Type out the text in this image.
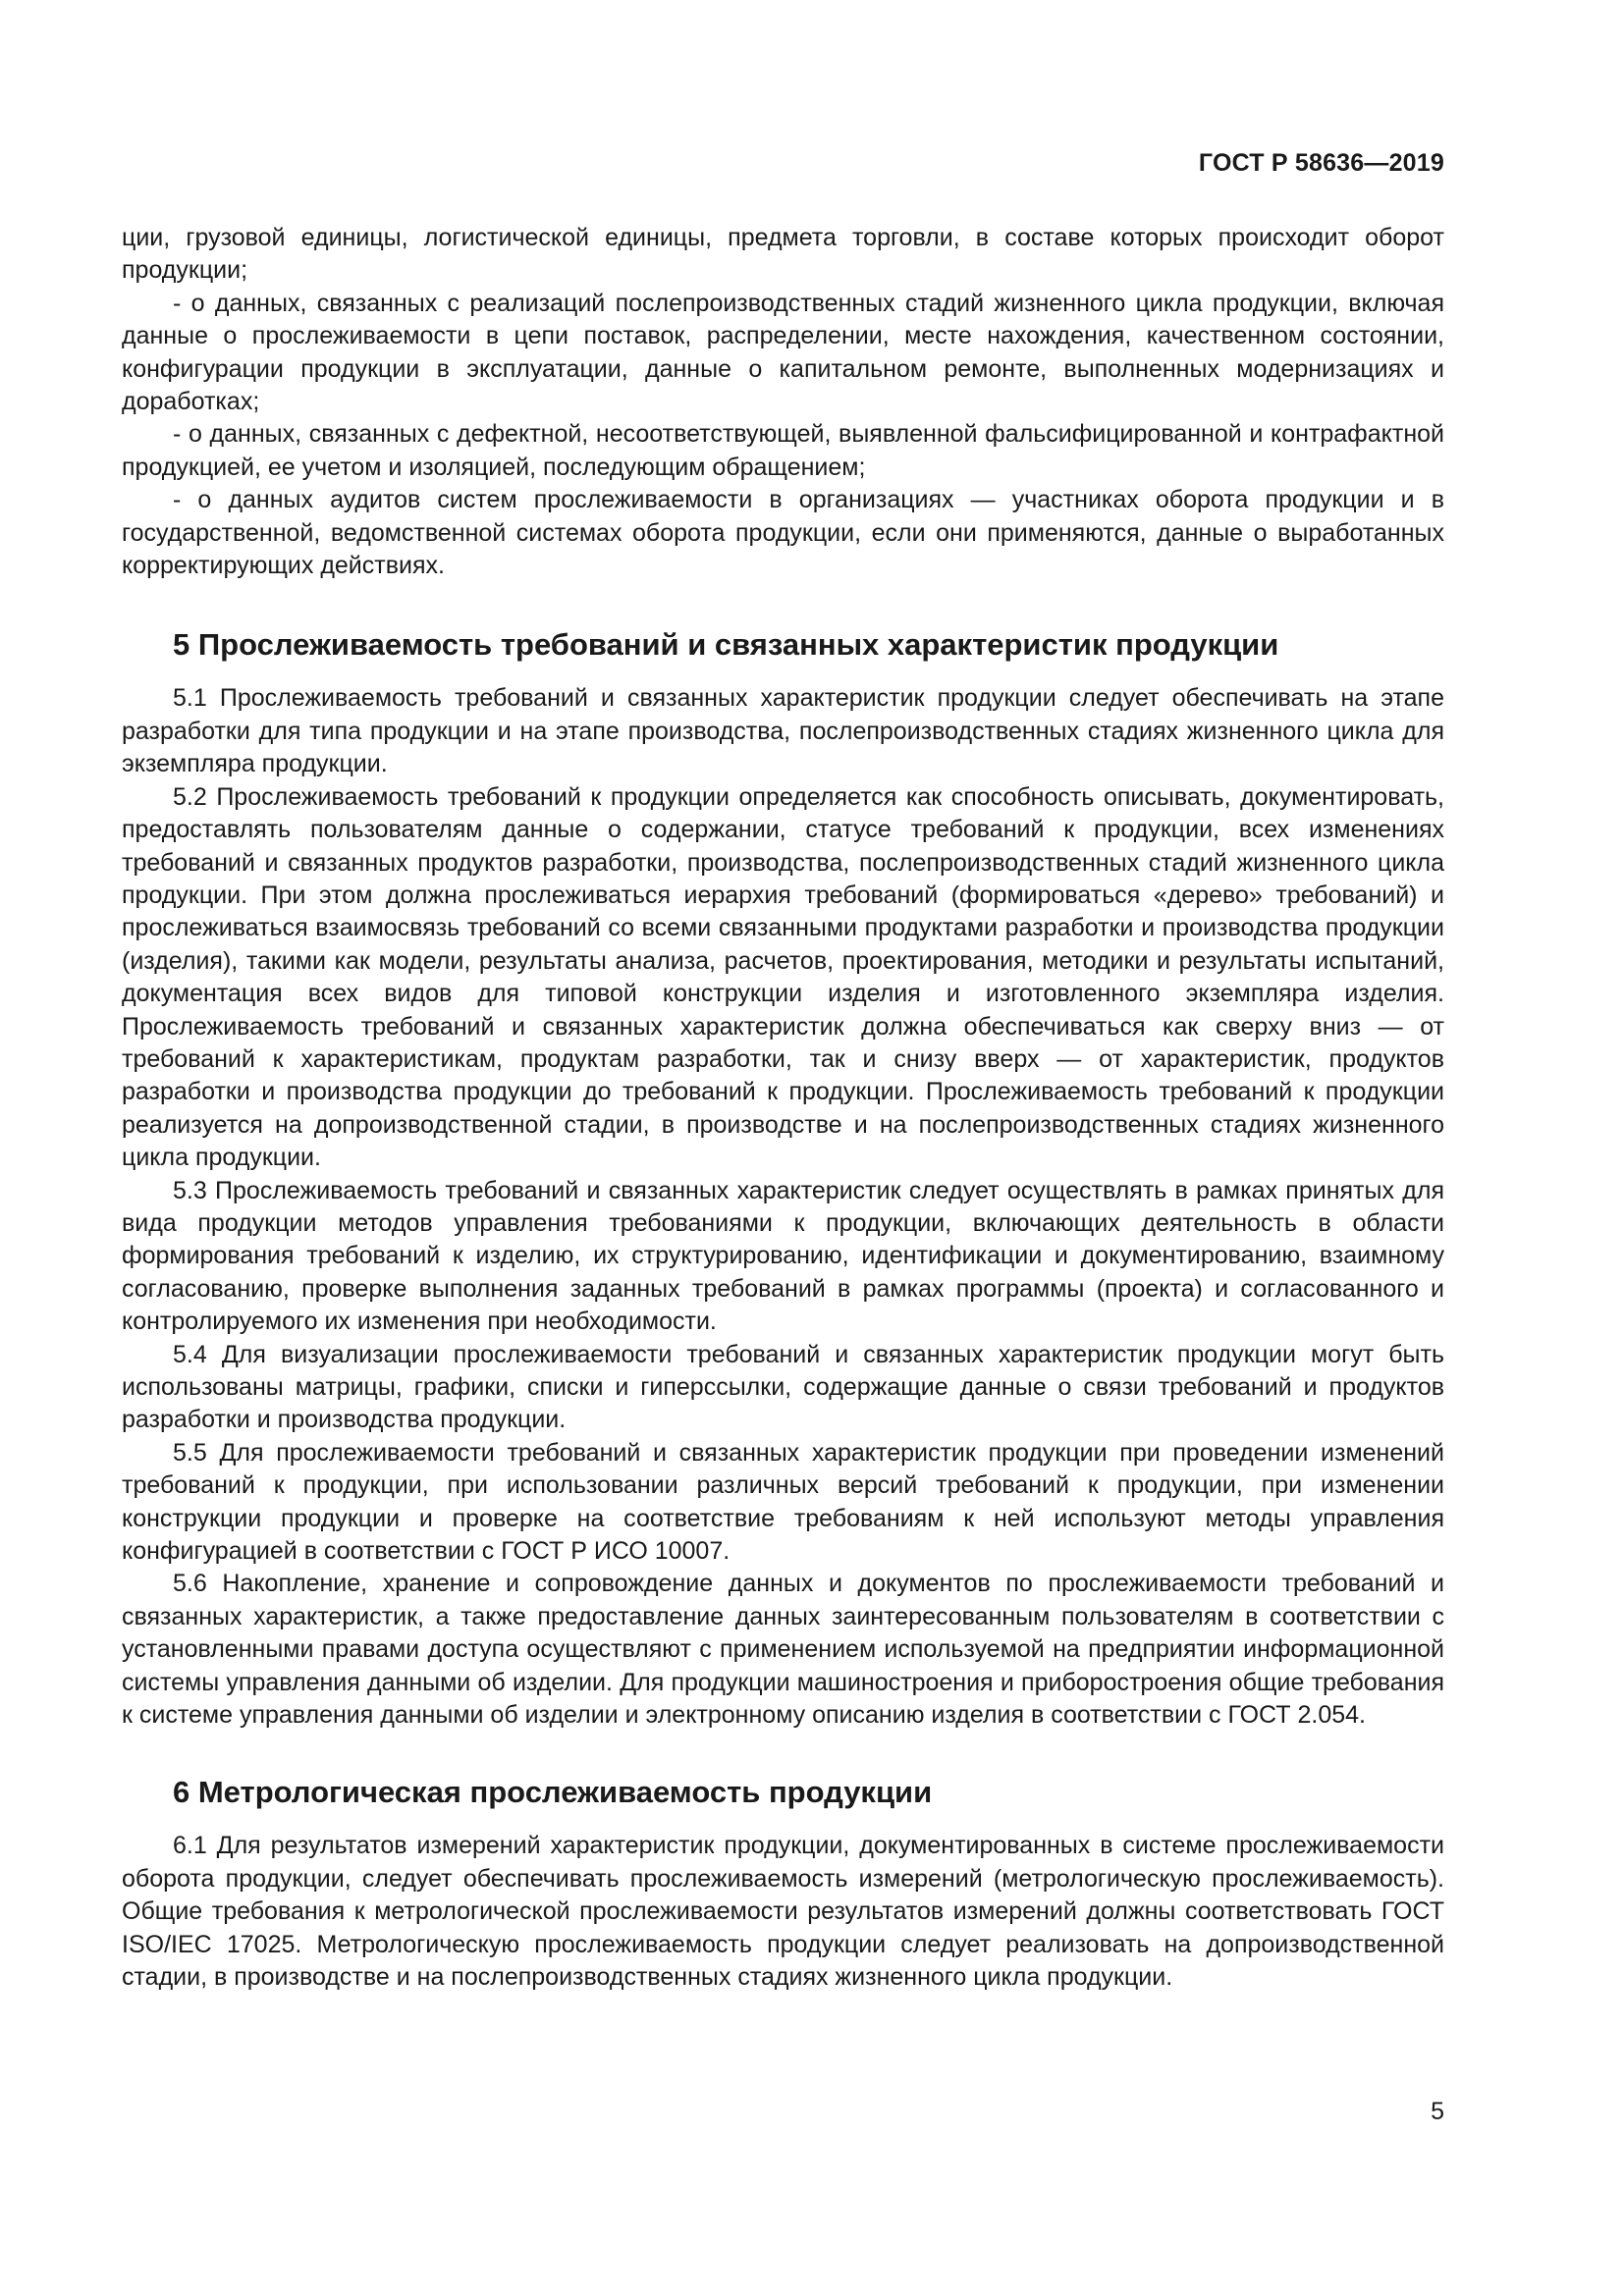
ГОСТ Р 58636—2019

ции, грузовой единицы, логистической единицы, предмета торговли, в составе которых происходит оборот продукции;

- о данных, связанных с реализаций послепроизводственных стадий жизненного цикла продукции, включая данные о прослеживаемости в цепи поставок, распределении, месте нахождения, качественном состоянии, конфигурации продукции в эксплуатации, данные о капитальном ремонте, выполненных модернизациях и доработках;

- о данных, связанных с дефектной, несоответствующей, выявленной фальсифицированной и контрафактной продукцией, ее учетом и изоляцией, последующим обращением;

- о данных аудитов систем прослеживаемости в организациях — участниках оборота продукции и в государственной, ведомственной системах оборота продукции, если они применяются, данные о выработанных корректирующих действиях.

5 Прослеживаемость требований и связанных характеристик продукции

5.1 Прослеживаемость требований и связанных характеристик продукции следует обеспечивать на этапе разработки для типа продукции и на этапе производства, послепроизводственных стадиях жизненного цикла для экземпляра продукции.

5.2 Прослеживаемость требований к продукции определяется как способность описывать, документировать, предоставлять пользователям данные о содержании, статусе требований к продукции, всех изменениях требований и связанных продуктов разработки, производства, послепроизводственных стадий жизненного цикла продукции. При этом должна прослеживаться иерархия требований (формироваться «дерево» требований) и прослеживаться взаимосвязь требований со всеми связанными продуктами разработки и производства продукции (изделия), такими как модели, результаты анализа, расчетов, проектирования, методики и результаты испытаний, документация всех видов для типовой конструкции изделия и изготовленного экземпляра изделия. Прослеживаемость требований и связанных характеристик должна обеспечиваться как сверху вниз — от требований к характеристикам, продуктам разработки, так и снизу вверх — от характеристик, продуктов разработки и производства продукции до требований к продукции. Прослеживаемость требований к продукции реализуется на допроизводственной стадии, в производстве и на послепроизводственных стадиях жизненного цикла продукции.

5.3 Прослеживаемость требований и связанных характеристик следует осуществлять в рамках принятых для вида продукции методов управления требованиями к продукции, включающих деятельность в области формирования требований к изделию, их структурированию, идентификации и документированию, взаимному согласованию, проверке выполнения заданных требований в рамках программы (проекта) и согласованного и контролируемого их изменения при необходимости.

5.4 Для визуализации прослеживаемости требований и связанных характеристик продукции могут быть использованы матрицы, графики, списки и гиперссылки, содержащие данные о связи требований и продуктов разработки и производства продукции.

5.5 Для прослеживаемости требований и связанных характеристик продукции при проведении изменений требований к продукции, при использовании различных версий требований к продукции, при изменении конструкции продукции и проверке на соответствие требованиям к ней используют методы управления конфигурацией в соответствии с ГОСТ Р ИСО 10007.

5.6 Накопление, хранение и сопровождение данных и документов по прослеживаемости требований и связанных характеристик, а также предоставление данных заинтересованным пользователям в соответствии с установленными правами доступа осуществляют с применением используемой на предприятии информационной системы управления данными об изделии. Для продукции машиностроения и приборостроения общие требования к системе управления данными об изделии и электронному описанию изделия в соответствии с ГОСТ 2.054.

6 Метрологическая прослеживаемость продукции

6.1 Для результатов измерений характеристик продукции, документированных в системе прослеживаемости оборота продукции, следует обеспечивать прослеживаемость измерений (метрологическую прослеживаемость). Общие требования к метрологической прослеживаемости результатов измерений должны соответствовать ГОСТ ISO/IEC 17025. Метрологическую прослеживаемость продукции следует реализовать на допроизводственной стадии, в производстве и на послепроизводственных стадиях жизненного цикла продукции.

5
